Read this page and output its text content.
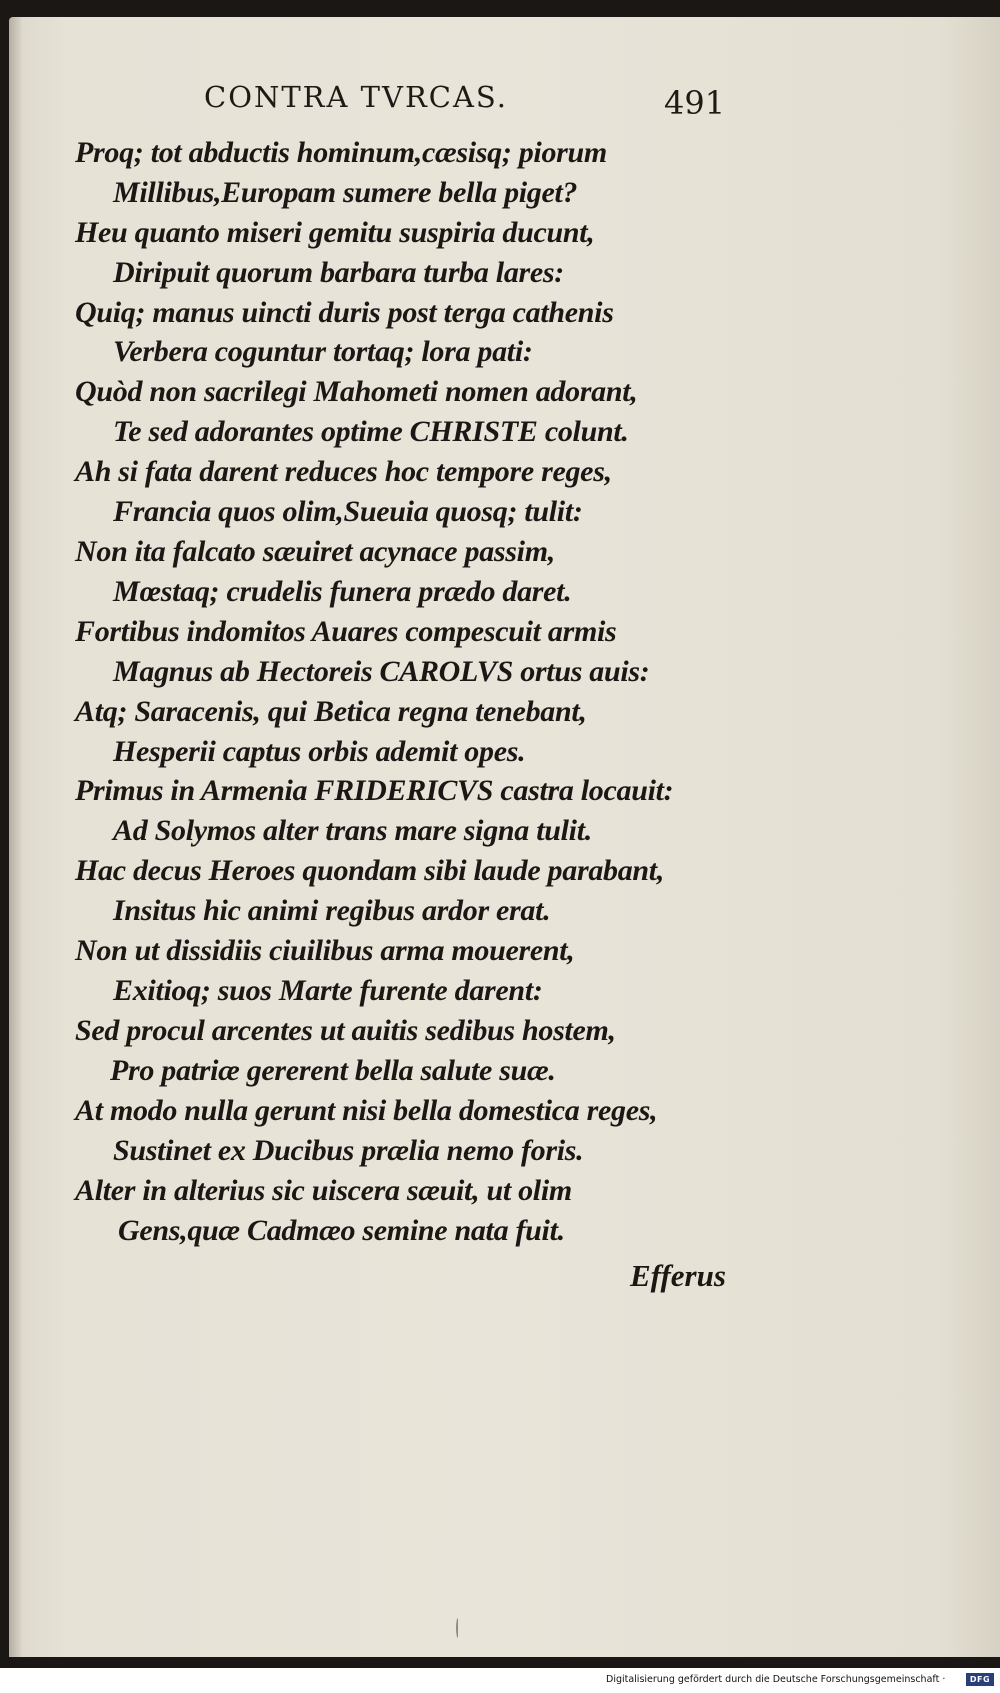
CONTRA TVRCAS.	491
Proq; tot abductis hominum,cæsisq; piorum
Millibus,Europam sumere bella piget?
Heu quanto miseri gemitu suspiria ducunt,
Diripuit quorum barbara turba lares:
Quiq; manus uincti duris post terga cathenis
Verbera coguntur tortaq; lora pati:
Quòd non sacrilegi Mahometi nomen adorant,
Te sed adorantes optime CHRISTE colunt.
Ah si fata darent reduces hoc tempore reges,
Francia quos olim,Sueuia quosq; tulit:
Non ita falcato sæuiret acynace passim,
Mœstaq; crudelis funera prædo daret.
Fortibus indomitos Auares compescuit armis
Magnus ab Hectoreis CAROLVS ortus auis:
Atq; Saracenis, qui Betica regna tenebant,
Hesperii captus orbis ademit opes.
Primus in Armenia FRIDERICVS castra locauit:
Ad Solymos alter trans mare signa tulit.
Hac decus Heroes quondam sibi laude parabant,
Insitus hic animi regibus ardor erat.
Non ut dissidiis ciuilibus arma mouerent,
Exitioq; suos Marte furente darent:
Sed procul arcentes ut auitis sedibus hostem,
Pro patriæ gererent bella salute suæ.
At modo nulla gerunt nisi bella domestica reges,
Sustinet ex Ducibus prælia nemo foris.
Alter in alterius sic uiscera sæuit, ut olim
Gens,quæ Cadmæo semine nata fuit.
Efferus
Digitalisierung gefördert durch die Deutsche Forschungsgemeinschaft ·	DFG
